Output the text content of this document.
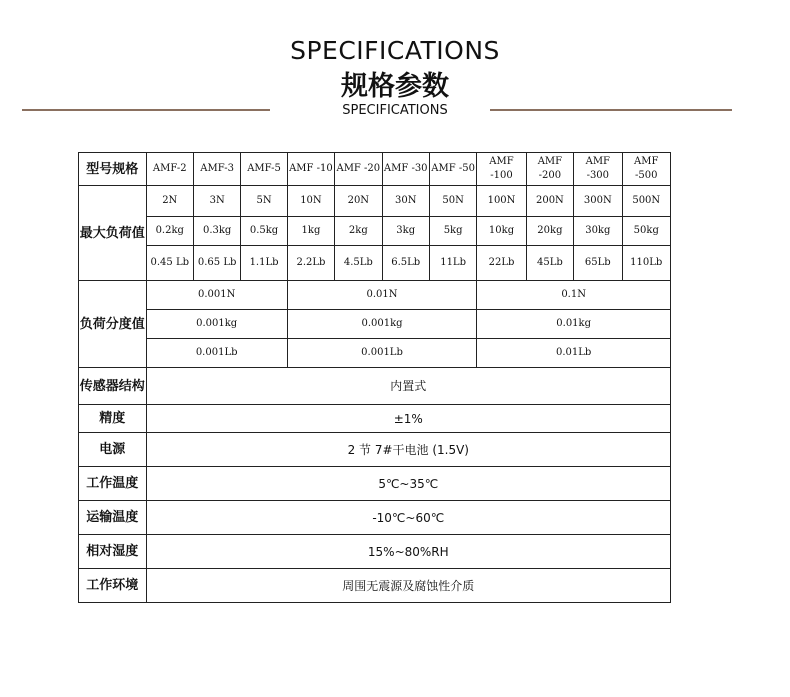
SPECIFICATIONS
规格参数
SPECIFICATIONS
型号规格	AMF-2	AMF-3	AMF-5	AMF -10	AMF -20	AMF -30	AMF -50	AMF -100	AMF -200	AMF -300	AMF -500
最大负荷值	2N	3N	5N	10N	20N	30N	50N	100N	200N	300N	500N
	0.2kg	0.3kg	0.5kg	1kg	2kg	3kg	5kg	10kg	20kg	30kg	50kg
	0.45 Lb	0.65 Lb	1.1Lb	2.2Lb	4.5Lb	6.5Lb	11Lb	22Lb	45Lb	65Lb	110Lb
负荷分度值	0.001N			0.01N				0.1N			
	0.001kg			0.001kg				0.01kg			
	0.001Lb			0.001Lb				0.01Lb			
传感器结构	内置式										
精度	±1%										
电源	2 节 7#干电池 (1.5V)										
工作温度	5℃~35℃										
运输温度	-10℃~60℃										
相对湿度	15%~80%RH										
工作环境	周围无震源及腐蚀性介质										
